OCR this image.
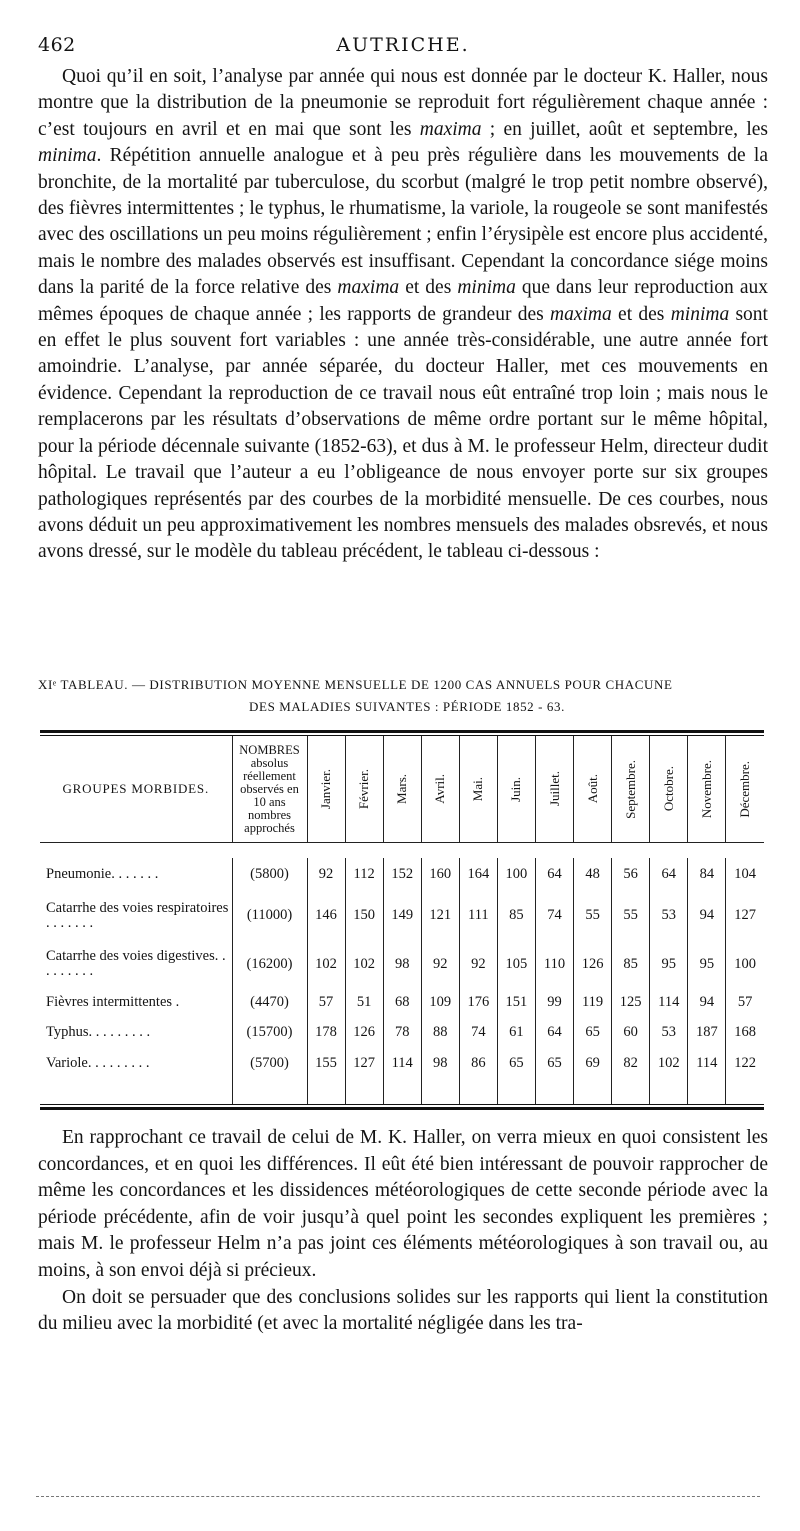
462	AUTRICHE.

Quoi qu’il en soit, l’analyse par année qui nous est donnée par le docteur K. Haller, nous montre que la distribution de la pneumonie se reproduit fort régulièrement chaque année : c’est toujours en avril et en mai que sont les maxima ; en juillet, août et septembre, les minima. Répétition annuelle analogue et à peu près régulière dans les mouvements de la bronchite, de la mortalité par tuberculose, du scorbut (malgré le trop petit nombre observé), des fièvres intermittentes ; le typhus, le rhumatisme, la variole, la rougeole se sont manifestés avec des oscillations un peu moins régulièrement ; enfin l’érysipèle est encore plus accidenté, mais le nombre des malades observés est insuffisant. Cependant la concordance siége moins dans la parité de la force relative des maxima et des minima que dans leur reproduction aux mêmes époques de chaque année ; les rapports de grandeur des maxima et des minima sont en effet le plus souvent fort variables : une année très-considérable, une autre année fort amoindrie. L’analyse, par année séparée, du docteur Haller, met ces mouvements en évidence. Cependant la reproduction de ce travail nous eût entraîné trop loin ; mais nous le remplacerons par les résultats d’observations de même ordre portant sur le même hôpital, pour la période décennale suivante (1852-63), et dus à M. le professeur Helm, directeur dudit hôpital. Le travail que l’auteur a eu l’obligeance de nous envoyer porte sur six groupes pathologiques représentés par des courbes de la morbidité mensuelle. De ces courbes, nous avons déduit un peu approximativement les nombres mensuels des malades obsrevés, et nous avons dressé, sur le modèle du tableau précédent, le tableau ci-dessous :

XIᵉ TABLEAU. — DISTRIBUTION MOYENNE MENSUELLE DE 1200 CAS ANNUELS POUR CHACUNE
DES MALADIES SUIVANTES : PÉRIODE 1852 - 63.
GROUPES MORBIDES.	NOMBRES absolus réellement observés en 10 ans nombres approchés	Janvier.	Février.	Mars.	Avril.	Mai.	Juin.	Juillet.	Août.	Septembre.	Octobre.	Novembre.	Décembre.

Pneumonie. . . . . . .	(5800)	92	112	152	160	164	100	64	48	56	64	84	104
Catarrhe des voies respiratoires . . . . . . .	(11000)	146	150	149	121	111	85	74	55	55	53	94	127
Catarrhe des voies digestives. . . . . . . . .	(16200)	102	102	98	92	92	105	110	126	85	95	95	100
Fièvres intermittentes .	(4470)	57	51	68	109	176	151	99	119	125	114	94	57
Typhus. . . . . . . . .	(15700)	178	126	78	88	74	61	64	65	60	53	187	168
Variole. . . . . . . . .	(5700)	155	127	114	98	86	65	65	69	82	102	114	122

En rapprochant ce travail de celui de M. K. Haller, on verra mieux en quoi consistent les concordances, et en quoi les différences. Il eût été bien intéressant de pouvoir rapprocher de même les concordances et les dissidences météorologiques de cette seconde période avec la période précédente, afin de voir jusqu’à quel point les secondes expliquent les premières ; mais M. le professeur Helm n’a pas joint ces éléments météorologiques à son travail ou, au moins, à son envoi déjà si précieux.

On doit se persuader que des conclusions solides sur les rapports qui lient la constitution du milieu avec la morbidité (et avec la mortalité négligée dans les tra-
